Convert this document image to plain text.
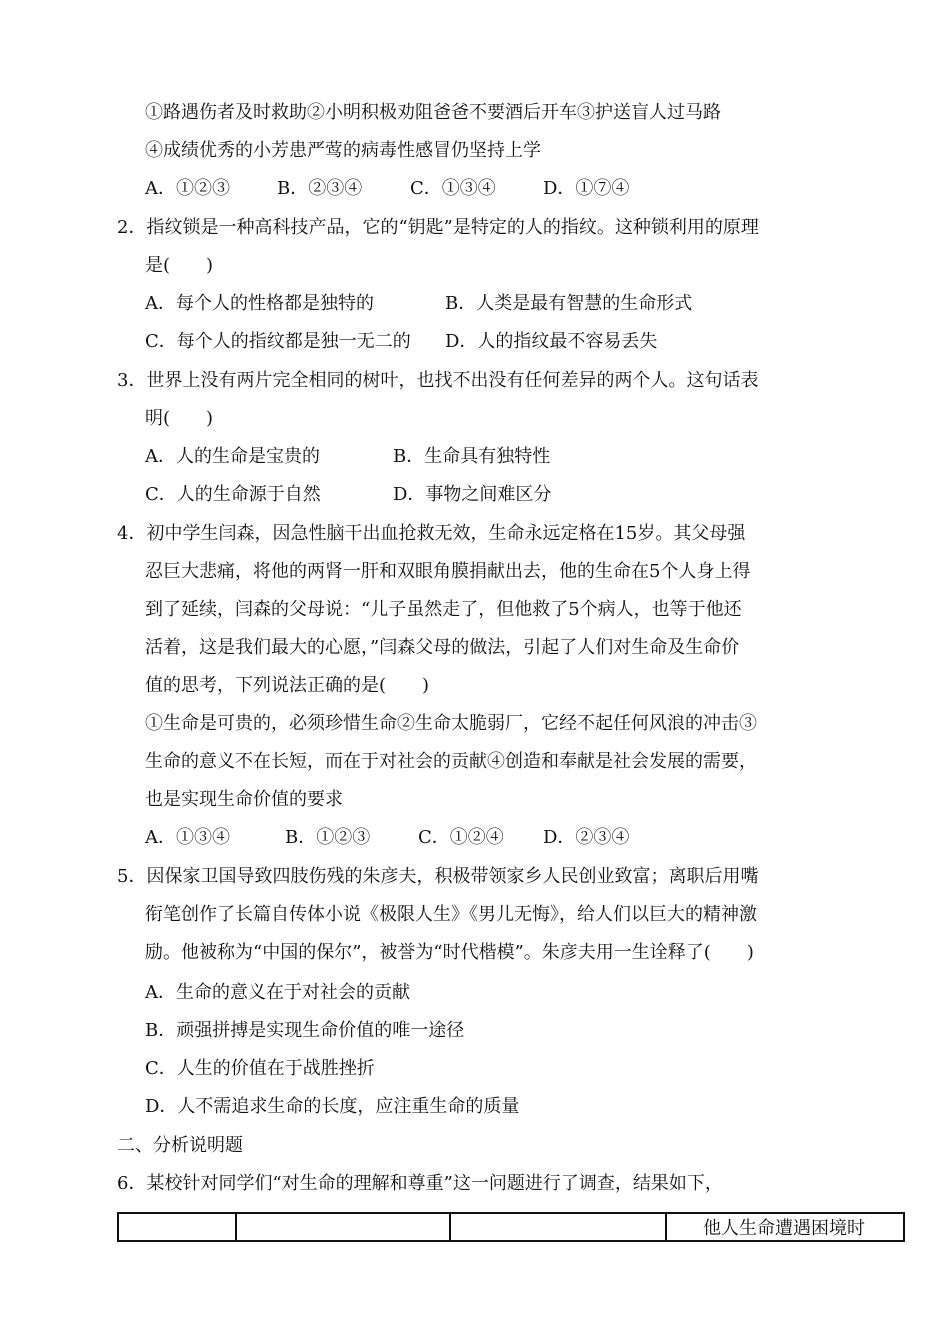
①路遇伤者及时救助②小明积极劝阻爸爸不要酒后开车③护送盲人过马路
④成绩优秀的小芳患严莺的病毒性感冒仍坚持上学
A．①②③	B．②③④	C．①③④	D．①⑦④
2．指纹锁是一种高科技产品，它的“钥匙”是特定的人的指纹。这种锁利用的原理
是(　　)
A．每个人的性格都是独特的	B．人类是最有智慧的生命形式
C．每个人的指纹都是独一无二的 D．人的指纹最不容易丢失
3．世界上没有两片完全相同的树叶，也找不出没有任何差异的两个人。这句话表
明(　　)
A．人的生命是宝贵的	B．生命具有独特性
C．人的生命源于自然	D．事物之间难区分
4．初中学生闫森，因急性脑干出血抢救无效，生命永远定格在15岁。其父母强
忍巨大悲痛，将他的两肾一肝和双眼角膜捐献出去，他的生命在5个人身上得
到了延续，闫森的父母说：“儿子虽然走了，但他救了5个病人，也等于他还
活着，这是我们最大的心愿，”闫森父母的做法，引起了人们对生命及生命价
值的思考，下列说法正确的是(　　)
①生命是可贵的，必须珍惜生命②生命太脆弱厂，它经不起任何风浪的冲击③
生命的意义不在长短，而在于对社会的贡献④创造和奉献是社会发展的需要，
也是实现生命价值的要求
A．①③④	B．①②③	C．①②④ D．②③④
5．因保家卫国导致四肢伤残的朱彦夫，积极带领家乡人民创业致富；离职后用嘴
衔笔创作了长篇自传体小说《极限人生》《男儿无悔》，给人们以巨大的精神激
励。他被称为“中国的保尔”，被誉为“时代楷模”。朱彦夫用一生诠释了(　　)
A．生命的意义在于对社会的贡献
B．顽强拼搏是实现生命价值的唯一途径
C．人生的价值在于战胜挫折
D．人不需追求生命的长度，应注重生命的质量
二、分析说明题
6．某校针对同学们“对生命的理解和尊重”这一问题进行了调查，结果如下，
			他人生命遭遇困境时
